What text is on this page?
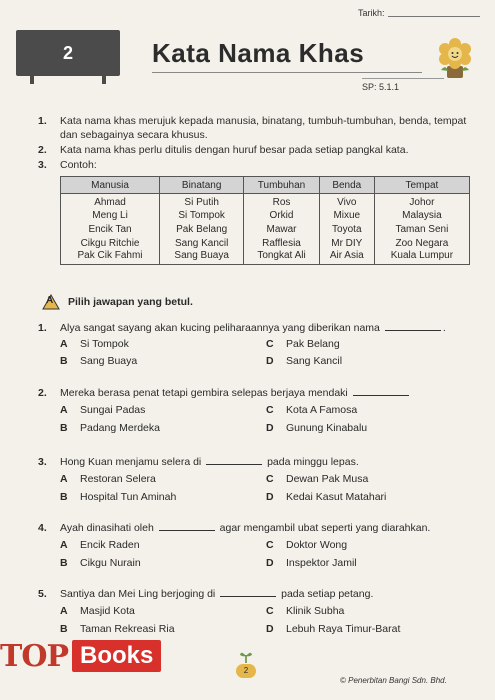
2
Tarikh:
Kata Nama Khas
SP: 5.1.1
1. Kata nama khas merujuk kepada manusia, binatang, tumbuh-tumbuhan, benda, tempat dan sebagainya secara khusus.
2. Kata nama khas perlu ditulis dengan huruf besar pada setiap pangkal kata.
3. Contoh:
Manusia	Binatang	Tumbuhan	Benda	Tempat
Ahmad	Si Putih	Ros	Vivo	Johor
Meng Li	Si Tompok	Orkid	Mixue	Malaysia
Encik Tan	Pak Belang	Mawar	Toyota	Taman Seni
Cikgu Ritchie	Sang Kancil	Rafflesia	Mr DIY	Zoo Negara
Pak Cik Fahmi	Sang Buaya	Tongkat Ali	Air Asia	Kuala Lumpur
A Pilih jawapan yang betul.
1. Alya sangat sayang akan kucing peliharaannya yang diberikan nama	.
A Si Tompok
B Sang Buaya
C Pak Belang
D Sang Kancil
2. Mereka berasa penat tetapi gembira selepas berjaya mendaki
A Sungai Padas
B Padang Merdeka
C Kota A Famosa
D Gunung Kinabalu
3. Hong Kuan menjamu selera di	pada minggu lepas.
A Restoran Selera
B Hospital Tun Aminah
C Dewan Pak Musa
D Kedai Kasut Matahari
4. Ayah dinasihati oleh	agar mengambil ubat seperti yang diarahkan.
A Encik Raden
B Cikgu Nurain
C Doktor Wong
D Inspektor Jamil
5. Santiya dan Mei Ling berjoging di	pada setiap petang.
A Masjid Kota
B Taman Rekreasi Ria
C Klinik Subha
D Lebuh Raya Timur-Barat
TOP Books
2
© Penerbitan Bangi Sdn. Bhd.
